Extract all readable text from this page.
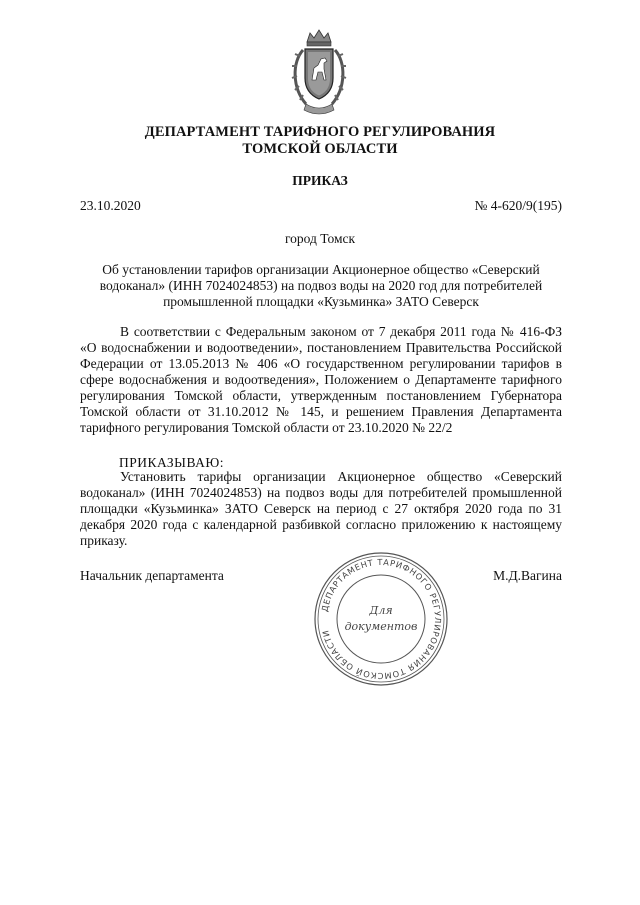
ДЕПАРТАМЕНТ ТАРИФНОГО РЕГУЛИРОВАНИЯ
ТОМСКОЙ ОБЛАСТИ
ПРИКАЗ
23.10.2020	№ 4-620/9(195)
город Томск
Об установлении тарифов организации Акционерное общество «Северский водоканал» (ИНН 7024024853) на подвоз воды на 2020 год для потребителей промышленной площадки «Кузьминка» ЗАТО Северск
В соответствии с Федеральным законом от 7 декабря 2011 года № 416-ФЗ «О водоснабжении и водоотведении», постановлением Правительства Российской Федерации от 13.05.2013 № 406 «О государственном регулировании тарифов в сфере водоснабжения и водоотведения», Положением о Департаменте тарифного регулирования Томской области, утвержденным постановлением Губернатора Томской области от 31.10.2012 № 145, и решением Правления Департамента тарифного регулирования Томской области от 23.10.2020 № 22/2
ПРИКАЗЫВАЮ:
Установить тарифы организации Акционерное общество «Северский водоканал» (ИНН 7024024853) на подвоз воды для потребителей промышленной площадки «Кузьминка» ЗАТО Северск на период с 27 октября 2020 года по 31 декабря 2020 года с календарной разбивкой согласно приложению к настоящему приказу.
Начальник департамента	М.Д.Вагина
ДЕПАРТАМЕНТ ТАРИФНОГО РЕГУЛИРОВАНИЯ ТОМСКОЙ ОБЛАСТИ
Для
документов
